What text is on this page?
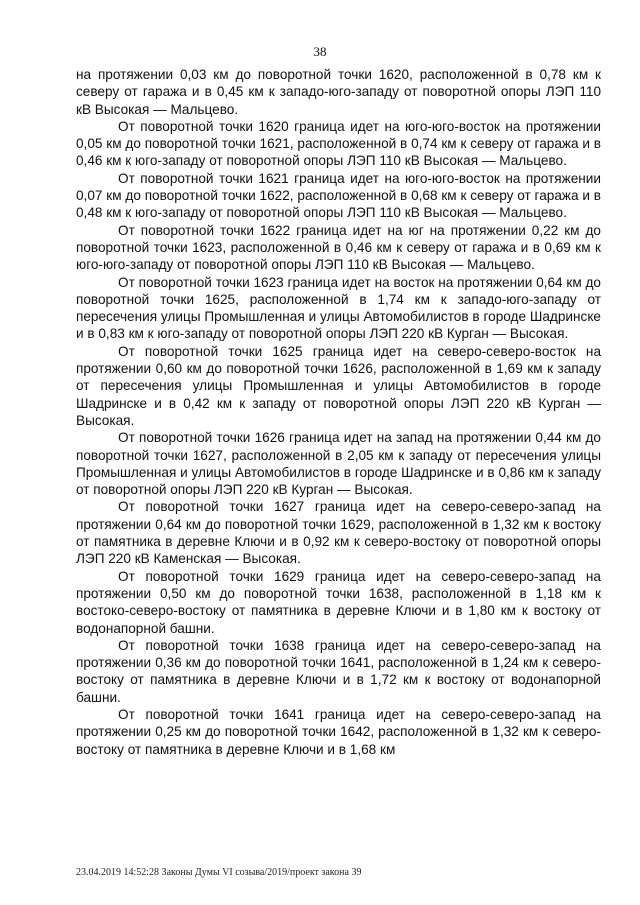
38

на протяжении 0,03 км до поворотной точки 1620, расположенной в 0,78 км к северу от гаража и в 0,45 км к западо-юго-западу от поворотной опоры ЛЭП 110 кВ Высокая — Мальцево.

От поворотной точки 1620 граница идет на юго-юго-восток на протяжении 0,05 км до поворотной точки 1621, расположенной в 0,74 км к северу от гаража и в 0,46 км к юго-западу от поворотной опоры ЛЭП 110 кВ Высокая — Мальцево.

От поворотной точки 1621 граница идет на юго-юго-восток на протяжении 0,07 км до поворотной точки 1622, расположенной в 0,68 км к северу от гаража и в 0,48 км к юго-западу от поворотной опоры ЛЭП 110 кВ Высокая — Мальцево.

От поворотной точки 1622 граница идет на юг на протяжении 0,22 км до поворотной точки 1623, расположенной в 0,46 км к северу от гаража и в 0,69 км к юго-юго-западу от поворотной опоры ЛЭП 110 кВ Высокая — Мальцево.

От поворотной точки 1623 граница идет на восток на протяжении 0,64 км до поворотной точки 1625, расположенной в 1,74 км к западо-юго-западу от пересечения улицы Промышленная и улицы Автомобилистов в городе Шадринске и в 0,83 км к юго-западу от поворотной опоры ЛЭП 220 кВ Курган — Высокая.

От поворотной точки 1625 граница идет на северо-северо-восток на протяжении 0,60 км до поворотной точки 1626, расположенной в 1,69 км к западу от пересечения улицы Промышленная и улицы Автомобилистов в городе Шадринске и в 0,42 км к западу от поворотной опоры ЛЭП 220 кВ Курган — Высокая.

От поворотной точки 1626 граница идет на запад на протяжении 0,44 км до поворотной точки 1627, расположенной в 2,05 км к западу от пересечения улицы Промышленная и улицы Автомобилистов в городе Шадринске и в 0,86 км к западу от поворотной опоры ЛЭП 220 кВ Курган — Высокая.

От поворотной точки 1627 граница идет на северо-северо-запад на протяжении 0,64 км до поворотной точки 1629, расположенной в 1,32 км к востоку от памятника в деревне Ключи и в 0,92 км к северо-востоку от поворотной опоры ЛЭП 220 кВ Каменская — Высокая.

От поворотной точки 1629 граница идет на северо-северо-запад на протяжении 0,50 км до поворотной точки 1638, расположенной в 1,18 км к востоко-северо-востоку от памятника в деревне Ключи и в 1,80 км к востоку от водонапорной башни.

От поворотной точки 1638 граница идет на северо-северо-запад на протяжении 0,36 км до поворотной точки 1641, расположенной в 1,24 км к северо-востоку от памятника в деревне Ключи и в 1,72 км к востоку от водонапорной башни.

От поворотной точки 1641 граница идет на северо-северо-запад на протяжении 0,25 км до поворотной точки 1642, расположенной в 1,32 км к северо-востоку от памятника в деревне Ключи и в 1,68 км

23.04.2019 14:52:28 Законы Думы VI созыва/2019/проект закона 39
